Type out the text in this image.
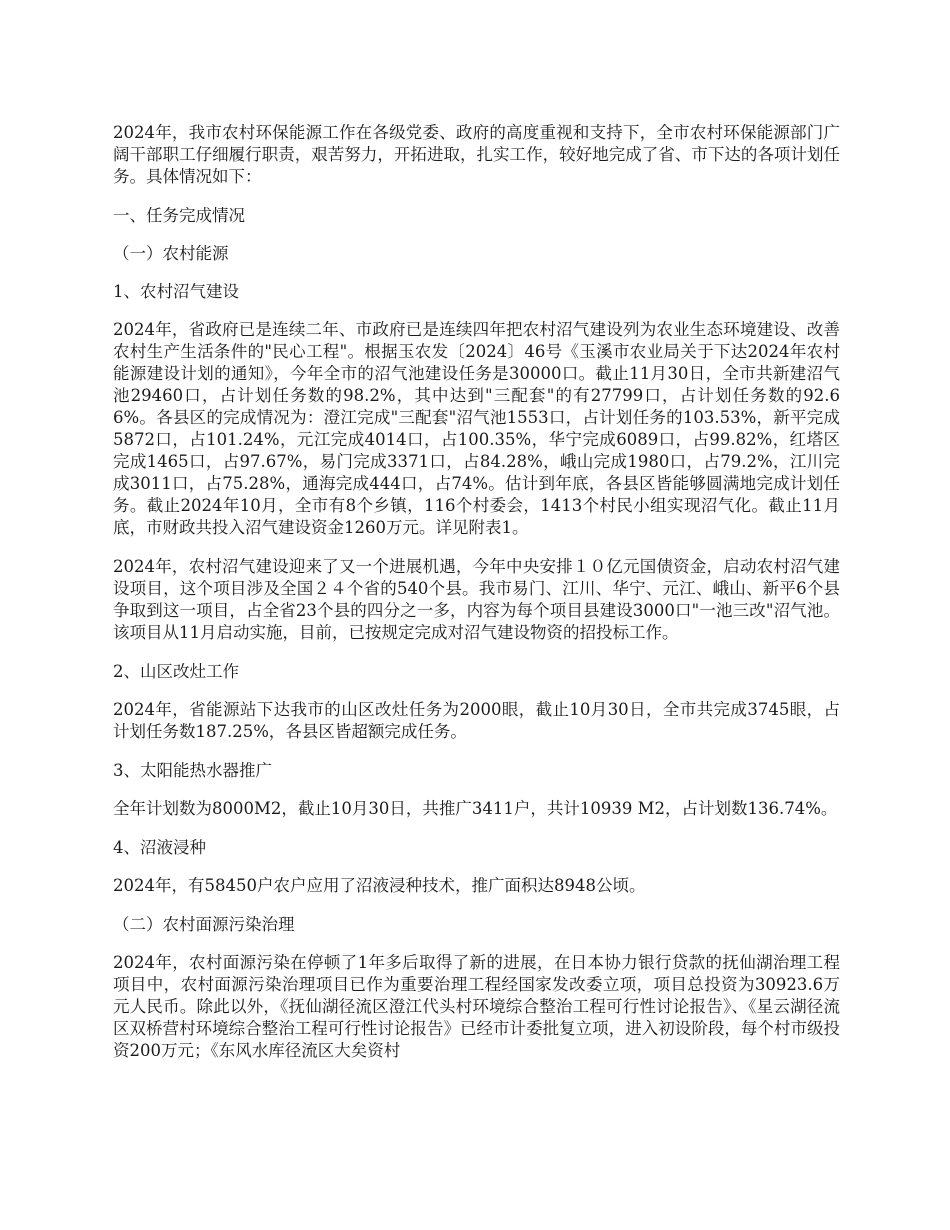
2024年，我市农村环保能源工作在各级党委、政府的高度重视和支持下，全市农村环保能源部门广阔干部职工仔细履行职责，艰苦努力，开拓进取，扎实工作，较好地完成了省、市下达的各项计划任务。具体情况如下：

一、任务完成情况

（一）农村能源

1、农村沼气建设

2024年，省政府已是连续二年、市政府已是连续四年把农村沼气建设列为农业生态环境建设、改善农村生产生活条件的"民心工程"。根据玉农发〔2024〕46号《玉溪市农业局关于下达2024年农村能源建设计划的通知》，今年全市的沼气池建设任务是30000口。截止11月30日，全市共新建沼气池29460口，占计划任务数的98.2%，其中达到"三配套"的有27799口，占计划任务数的92.66%。各县区的完成情况为：澄江完成"三配套"沼气池1553口，占计划任务的103.53%，新平完成5872口，占101.24%，元江完成4014口，占100.35%，华宁完成6089口，占99.82%，红塔区完成1465口，占97.67%，易门完成3371口，占84.28%，峨山完成1980口，占79.2%，江川完成3011口，占75.28%，通海完成444口，占74%。估计到年底，各县区皆能够圆满地完成计划任务。截止2024年10月，全市有8个乡镇，116个村委会，1413个村民小组实现沼气化。截止11月底，市财政共投入沼气建设资金1260万元。详见附表1。

2024年，农村沼气建设迎来了又一个进展机遇，今年中央安排１０亿元国债资金，启动农村沼气建设项目，这个项目涉及全国２４个省的540个县。我市易门、江川、华宁、元江、峨山、新平6个县争取到这一项目，占全省23个县的四分之一多，内容为每个项目县建设3000口"一池三改"沼气池。该项目从11月启动实施，目前，已按规定完成对沼气建设物资的招投标工作。

2、山区改灶工作

2024年，省能源站下达我市的山区改灶任务为2000眼，截止10月30日，全市共完成3745眼，占计划任务数187.25%，各县区皆超额完成任务。

3、太阳能热水器推广

全年计划数为8000M2，截止10月30日，共推广3411户，共计10939 M2，占计划数136.74%。

4、沼液浸种

2024年，有58450户农户应用了沼液浸种技术，推广面积达8948公顷。

（二）农村面源污染治理

2024年，农村面源污染在停顿了1年多后取得了新的进展，在日本协力银行贷款的抚仙湖治理工程项目中，农村面源污染治理项目已作为重要治理工程经国家发改委立项，项目总投资为30923.6万元人民币。除此以外，《抚仙湖径流区澄江代头村环境综合整治工程可行性讨论报告》、《星云湖径流区双桥营村环境综合整治工程可行性讨论报告》已经市计委批复立项，进入初设阶段，每个村市级投资200万元；《东风水库径流区大矣资村
